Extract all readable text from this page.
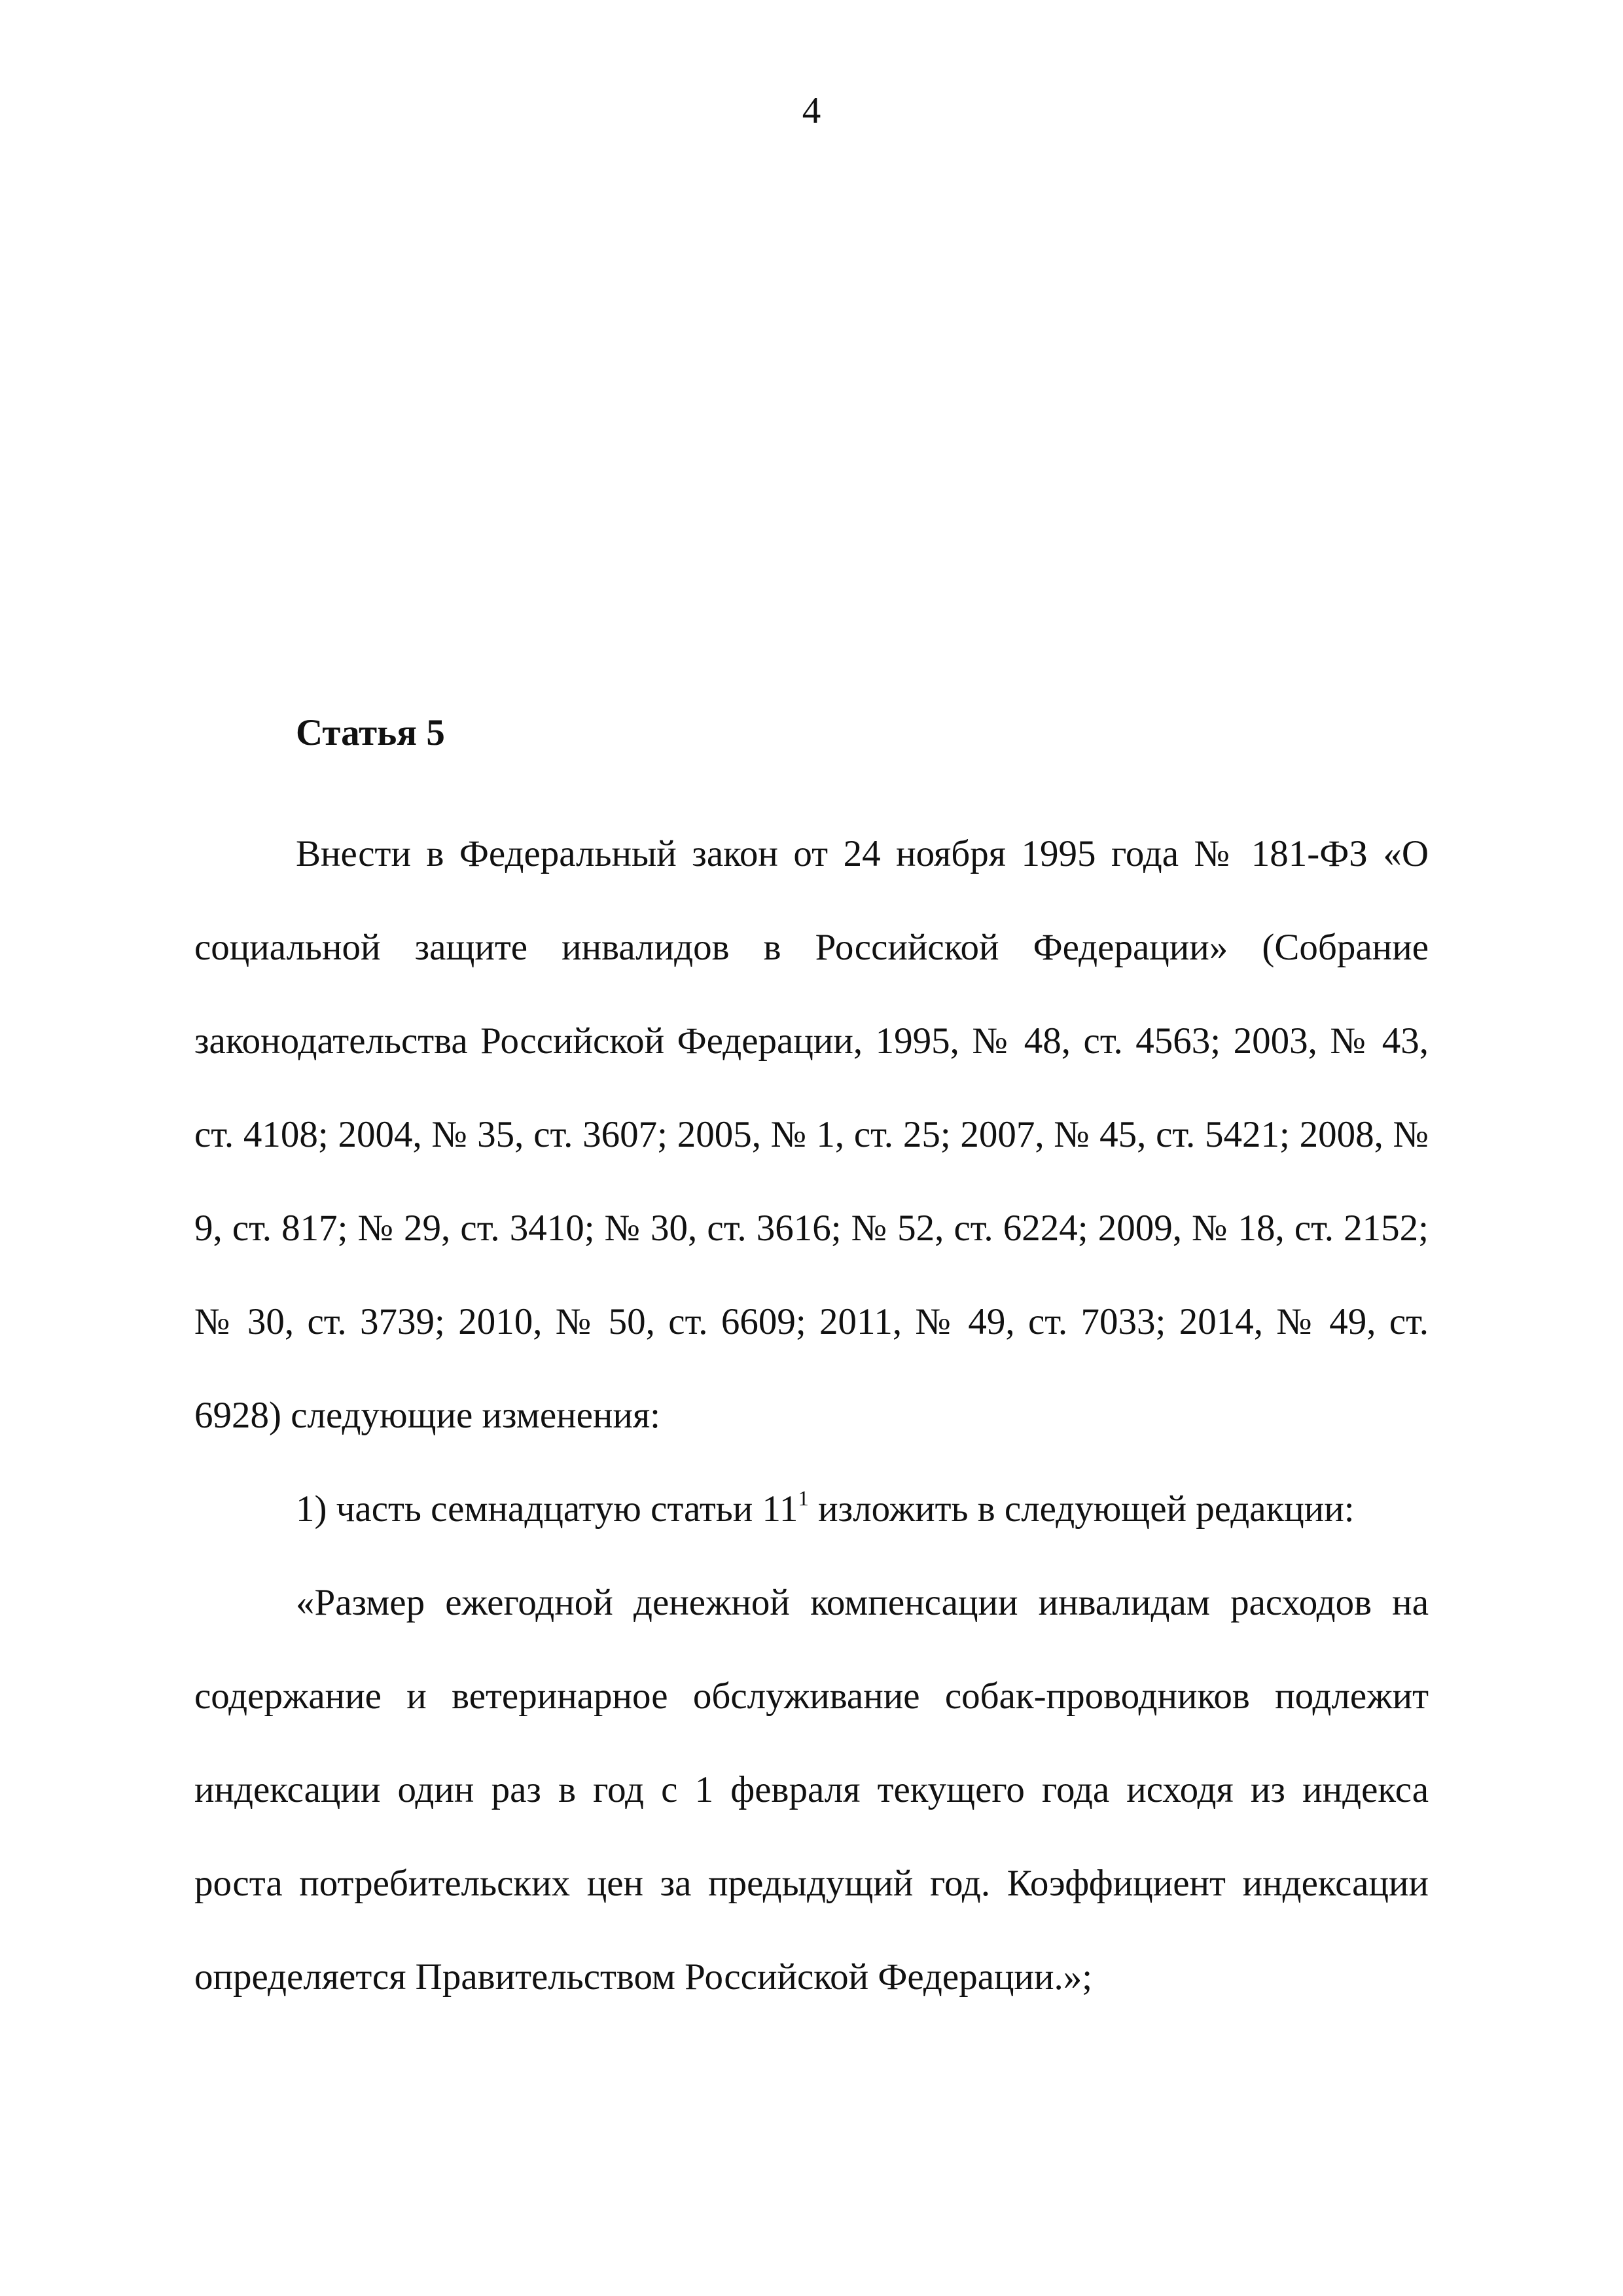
4
Статья 5

Внести в Федеральный закон от 24 ноября 1995 года № 181-ФЗ «О социальной защите инвалидов в Российской Федерации» (Собрание законодательства Российской Федерации, 1995, № 48, ст. 4563; 2003, № 43, ст. 4108; 2004, № 35, ст. 3607; 2005, № 1, ст. 25; 2007, № 45, ст. 5421; 2008, № 9, ст. 817; № 29, ст. 3410; № 30, ст. 3616; № 52, ст. 6224; 2009, № 18, ст. 2152; № 30, ст. 3739; 2010, № 50, ст. 6609; 2011, № 49, ст. 7033; 2014, № 49, ст. 6928) следующие изменения:

1) часть семнадцатую статьи $11^1$ изложить в следующей редакции:

«Размер ежегодной денежной компенсации инвалидам расходов на содержание и ветеринарное обслуживание собак-проводников подлежит индексации один раз в год с 1 февраля текущего года исходя из индекса роста потребительских цен за предыдущий год. Коэффициент индексации определяется Правительством Российской Федерации.»;
